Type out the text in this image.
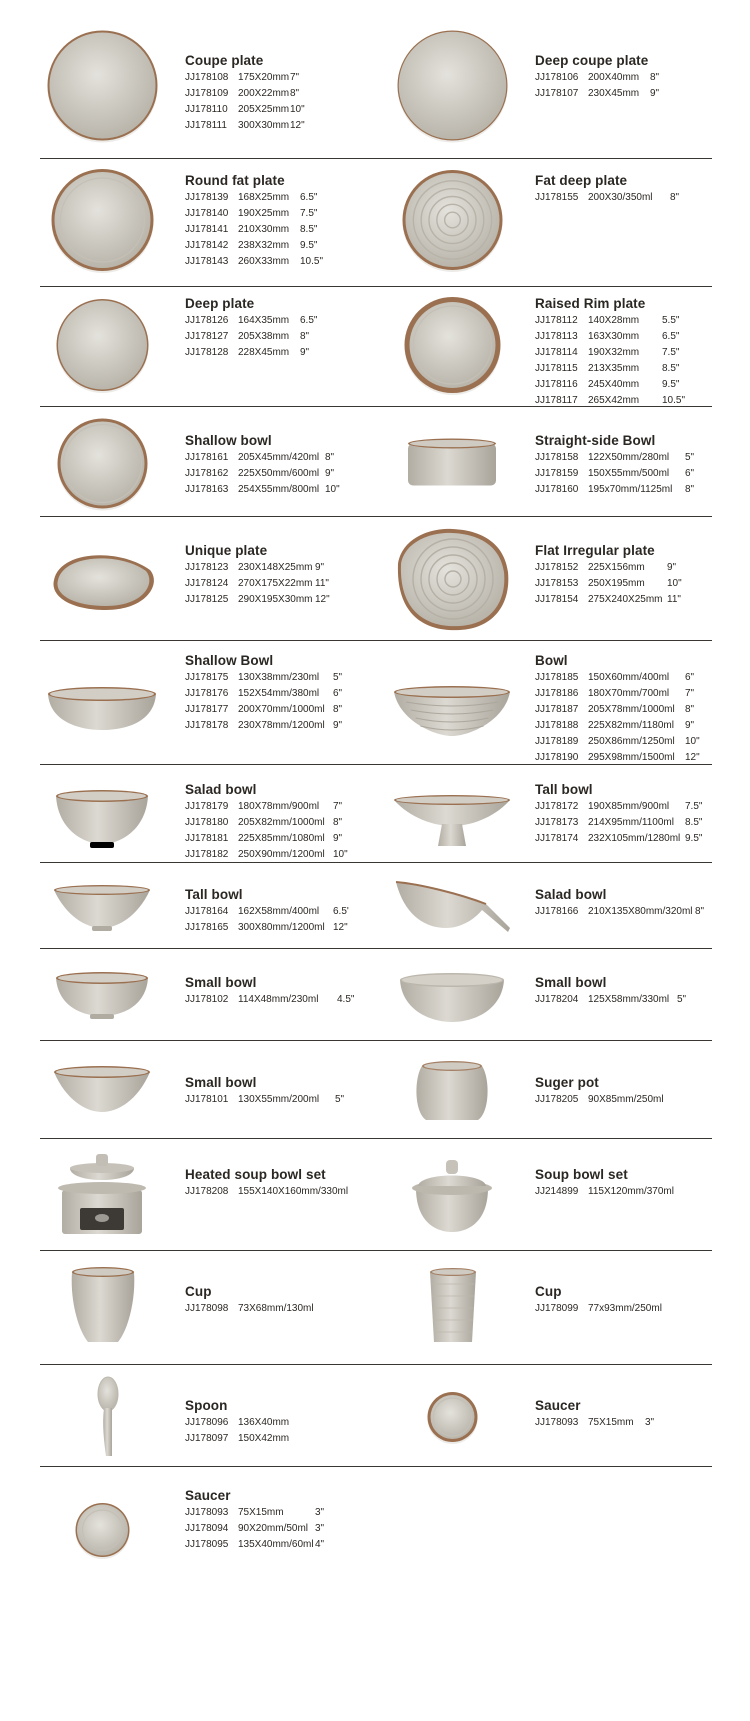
Coupe plate
JJ178108 175X20mm 7"
JJ178109 200X22mm 8"
JJ178110 205X25mm 10"
JJ178111 300X30mm 12"
Deep coupe plate
JJ178106 200X40mm 8"
JJ178107 230X45mm 9"
Round fat plate
JJ178139 168X25mm 6.5"
JJ178140 190X25mm 7.5"
JJ178141 210X30mm 8.5"
JJ178142 238X32mm 9.5"
JJ178143 260X33mm 10.5"
Fat deep plate
JJ178155 200X30/350ml 8"
Deep plate
JJ178126 164X35mm 6.5"
JJ178127 205X38mm 8"
JJ178128 228X45mm 9"
Raised Rim plate
JJ178112 140X28mm 5.5"
JJ178113 163X30mm 6.5"
JJ178114 190X32mm 7.5"
JJ178115 213X35mm 8.5"
JJ178116 245X40mm 9.5"
JJ178117 265X42mm 10.5"
Shallow bowl
JJ178161 205X45mm/420ml 8"
JJ178162 225X50mm/600ml 9"
JJ178163 254X55mm/800ml 10"
Straight-side Bowl
JJ178158 122X50mm/280ml 5"
JJ178159 150X55mm/500ml 6"
JJ178160 195x70mm/1125ml 8"
Unique plate
JJ178123 230X148X25mm 9"
JJ178124 270X175X22mm 11"
JJ178125 290X195X30mm 12"
Flat Irregular plate
JJ178152 225X156mm 9"
JJ178153 250X195mm 10"
JJ178154 275X240X25mm 11"
Shallow Bowl
JJ178175 130X38mm/230ml 5"
JJ178176 152X54mm/380ml 6"
JJ178177 200X70mm/1000ml 8"
JJ178178 230X78mm/1200ml 9"
Bowl
JJ178185 150X60mm/400ml 6"
JJ178186 180X70mm/700ml 7"
JJ178187 205X78mm/1000ml 8"
JJ178188 225X82mm/1180ml 9"
JJ178189 250X86mm/1250ml 10"
JJ178190 295X98mm/1500ml 12"
Salad bowl
JJ178179 180X78mm/900ml 7"
JJ178180 205X82mm/1000ml 8"
JJ178181 225X85mm/1080ml 9"
JJ178182 250X90mm/1200ml 10"
Tall bowl
JJ178172 190X85mm/900ml 7.5"
JJ178173 214X95mm/1100ml 8.5"
JJ178174 232X105mm/1280ml 9.5"
Tall bowl
JJ178164 162X58mm/400ml 6.5'
JJ178165 300X80mm/1200ml 12"
Salad bowl
JJ178166 210X135X80mm/320ml 8"
Small bowl
JJ178102 114X48mm/230ml 4.5"
Small bowl
JJ178204 125X58mm/330ml 5"
Small bowl
JJ178101 130X55mm/200ml 5"
Suger pot
JJ178205 90X85mm/250ml
Heated soup bowl set
JJ178208 155X140X160mm/330ml
Soup bowl set
JJ214899 115X120mm/370ml
Cup
JJ178098 73X68mm/130ml
Cup
JJ178099 77x93mm/250ml
Spoon
JJ178096 136X40mm
JJ178097 150X42mm
Saucer
JJ178093 75X15mm 3"
Saucer
JJ178093 75X15mm	3"
JJ178094 90X20mm/50ml 3"
JJ178095 135X40mm/60ml 4"
